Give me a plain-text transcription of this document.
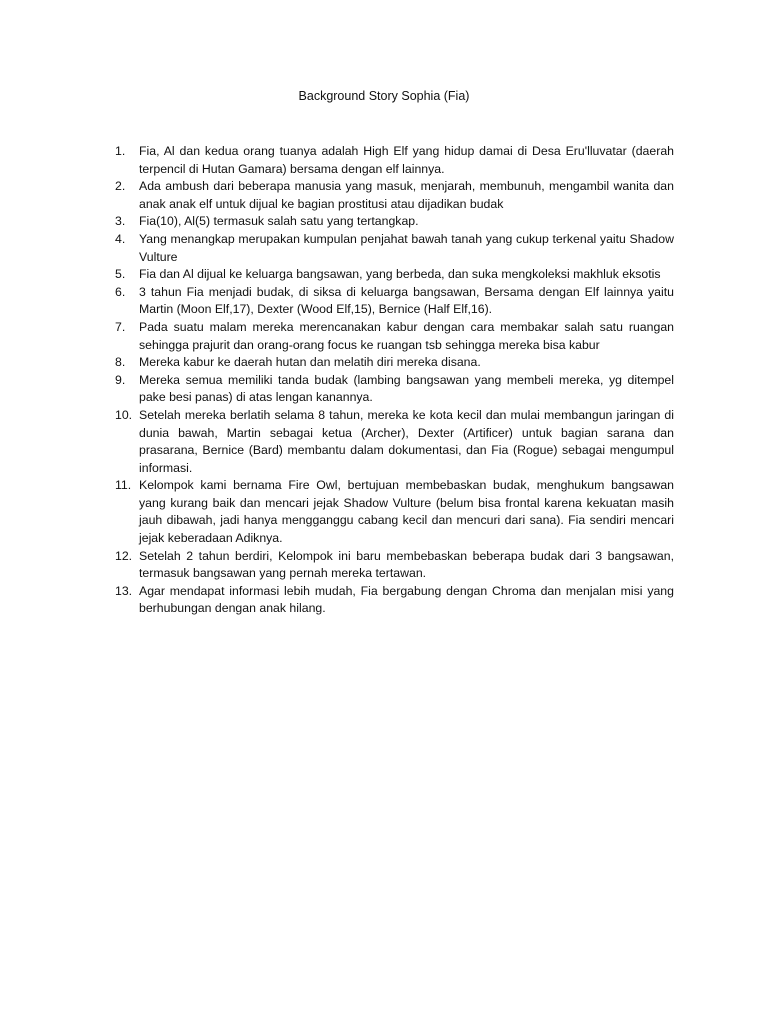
Background Story Sophia (Fia)
1.	Fia, Al dan kedua orang tuanya adalah High Elf yang hidup damai di Desa Eru'lluvatar (daerah terpencil di Hutan Gamara) bersama dengan elf lainnya.
2.	Ada ambush dari beberapa manusia yang masuk, menjarah, membunuh, mengambil wanita dan anak anak elf untuk dijual ke bagian prostitusi atau dijadikan budak
3.	Fia(10), Al(5) termasuk salah satu yang tertangkap.
4.	Yang menangkap merupakan kumpulan penjahat bawah tanah yang cukup terkenal yaitu Shadow Vulture
5.	Fia dan Al dijual ke keluarga bangsawan, yang berbeda, dan suka mengkoleksi makhluk eksotis
6.	3 tahun Fia menjadi budak, di siksa di keluarga bangsawan, Bersama dengan Elf lainnya yaitu Martin (Moon Elf,17), Dexter (Wood Elf,15), Bernice (Half Elf,16).
7.	Pada suatu malam mereka merencanakan kabur dengan cara membakar salah satu ruangan sehingga prajurit dan orang-orang focus ke ruangan tsb sehingga mereka bisa kabur
8.	Mereka kabur ke daerah hutan dan melatih diri mereka disana.
9.	Mereka semua memiliki tanda budak (lambing bangsawan yang membeli mereka, yg ditempel pake besi panas) di atas lengan kanannya.
10. Setelah mereka berlatih selama 8 tahun, mereka ke kota kecil dan mulai membangun jaringan di dunia bawah, Martin sebagai ketua (Archer), Dexter (Artificer) untuk bagian sarana dan prasarana, Bernice (Bard) membantu dalam dokumentasi, dan Fia (Rogue) sebagai mengumpul informasi.
11. Kelompok kami bernama Fire Owl, bertujuan membebaskan budak, menghukum bangsawan yang kurang baik dan mencari jejak Shadow Vulture (belum bisa frontal karena kekuatan masih jauh dibawah, jadi hanya mengganggu cabang kecil dan mencuri dari sana). Fia sendiri mencari jejak keberadaan Adiknya.
12. Setelah 2 tahun berdiri, Kelompok ini baru membebaskan beberapa budak dari 3 bangsawan, termasuk bangsawan yang pernah mereka tertawan.
13. Agar mendapat informasi lebih mudah, Fia bergabung dengan Chroma dan menjalan misi yang berhubungan dengan anak hilang.
